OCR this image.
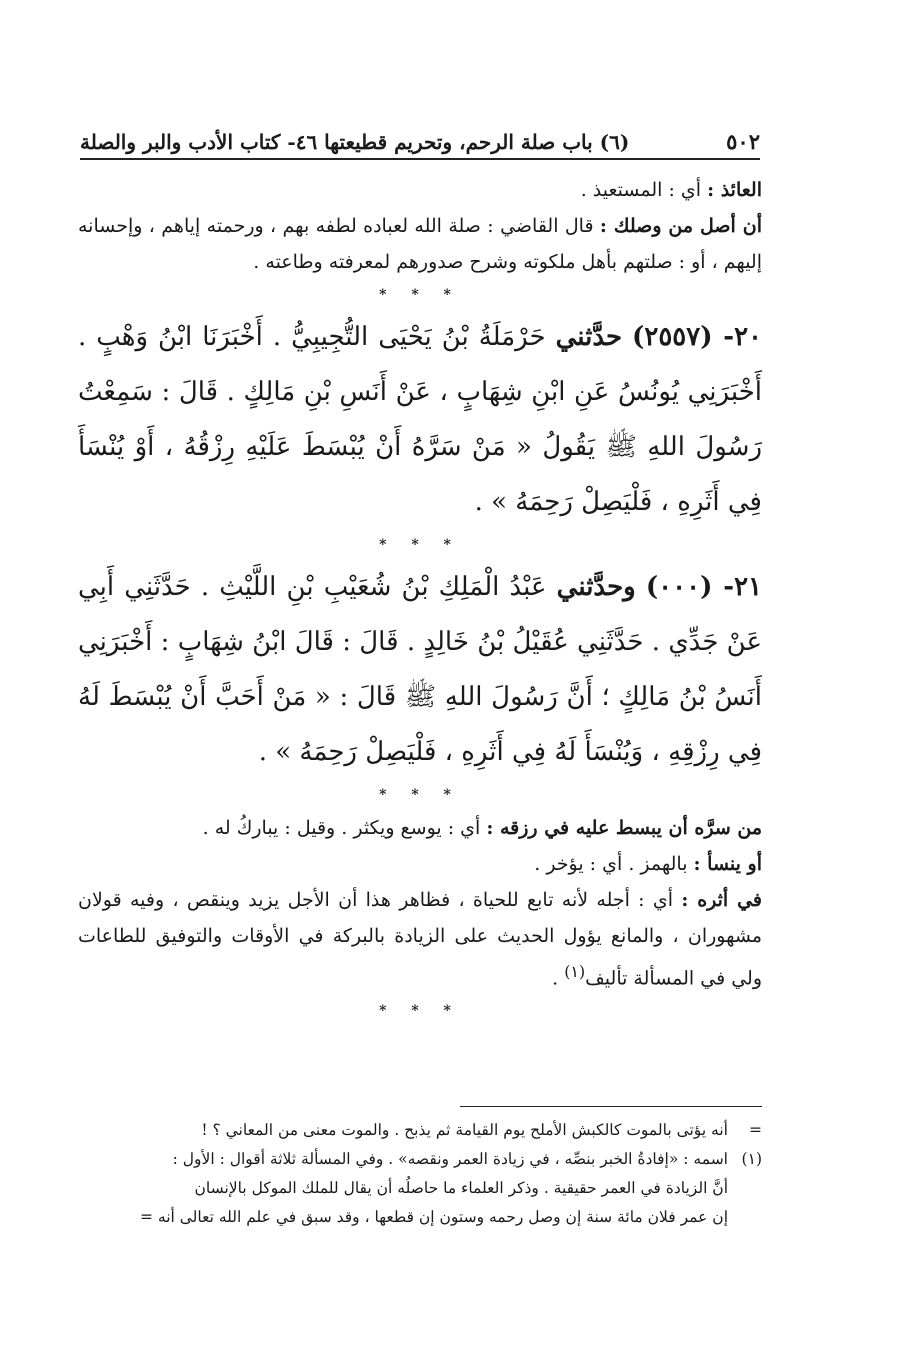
٥٠٢
(٦) باب صلة الرحم، وتحريم قطيعتها ٤٦- كتاب الأدب والبر والصلة

العائذ : أي : المستعيذ .

أن أصل من وصلك : قال القاضي : صلة الله لعباده لطفه بهم ، ورحمته إياهم ، وإحسانه إليهم ، أو : صلتهم بأهل ملكوته وشرح صدورهم لمعرفته وطاعته .

* * *

٢٠- (٢٥٥٧) حدَّثني حَرْمَلَةُ بْنُ يَحْيَى التُّجِيبِيُّ . أَخْبَرَنَا ابْنُ وَهْبٍ . أَخْبَرَنِي يُونُسُ عَنِ ابْنِ شِهَابٍ ، عَنْ أَنَسِ بْنِ مَالِكٍ . قَالَ : سَمِعْتُ رَسُولَ اللهِ ﷺ يَقُولُ « مَنْ سَرَّهُ أَنْ يُبْسَطَ عَلَيْهِ رِزْقُهُ ، أَوْ يُنْسَأَ فِي أَثَرِهِ ، فَلْيَصِلْ رَحِمَهُ » .

* * *

٢١- (٠٠٠) وحدَّثني عَبْدُ الْمَلِكِ بْنُ شُعَيْبِ بْنِ اللَّيْثِ . حَدَّثَنِي أَبِي عَنْ جَدِّي . حَدَّثَنِي عُقَيْلُ بْنُ خَالِدٍ . قَالَ : قَالَ ابْنُ شِهَابٍ : أَخْبَرَنِي أَنَسُ بْنُ مَالِكٍ ؛ أَنَّ رَسُولَ اللهِ ﷺ قَالَ : « مَنْ أَحَبَّ أَنْ يُبْسَطَ لَهُ فِي رِزْقِهِ ، وَيُنْسَأَ لَهُ فِي أَثَرِهِ ، فَلْيَصِلْ رَحِمَهُ » .

* * *

من سرَّه أن يبسط عليه في رزقه : أي : يوسع ويكثر . وقيل : يباركُ له .

أو ينسأ : بالهمز . أي : يؤخر .

في أثره : أي : أجله لأنه تابع للحياة ، فظاهر هذا أن الأجل يزيد وينقص ، وفيه قولان مشهوران ، والمانع يؤول الحديث على الزيادة بالبركة في الأوقات والتوفيق للطاعات ولي في المسألة تأليف$^{(١)}$ .

* * *

=
أنه يؤتى بالموت كالكبش الأملح يوم القيامة ثم يذبح . والموت معنى من المعاني ؟ !

(١)
اسمه : «إفادةُ الخبر بنصِّه ، في زيادة العمر ونقصه» . وفي المسألة ثلاثة أقوال : الأول :

أنَّ الزيادة في العمر حقيقية . وذكر العلماء ما حاصلُه أن يقال للملك الموكل بالإنسان

إن عمر فلان مائة سنة إن وصل رحمه وستون إن قطعها ، وقد سبق في علم الله تعالى أنه =
